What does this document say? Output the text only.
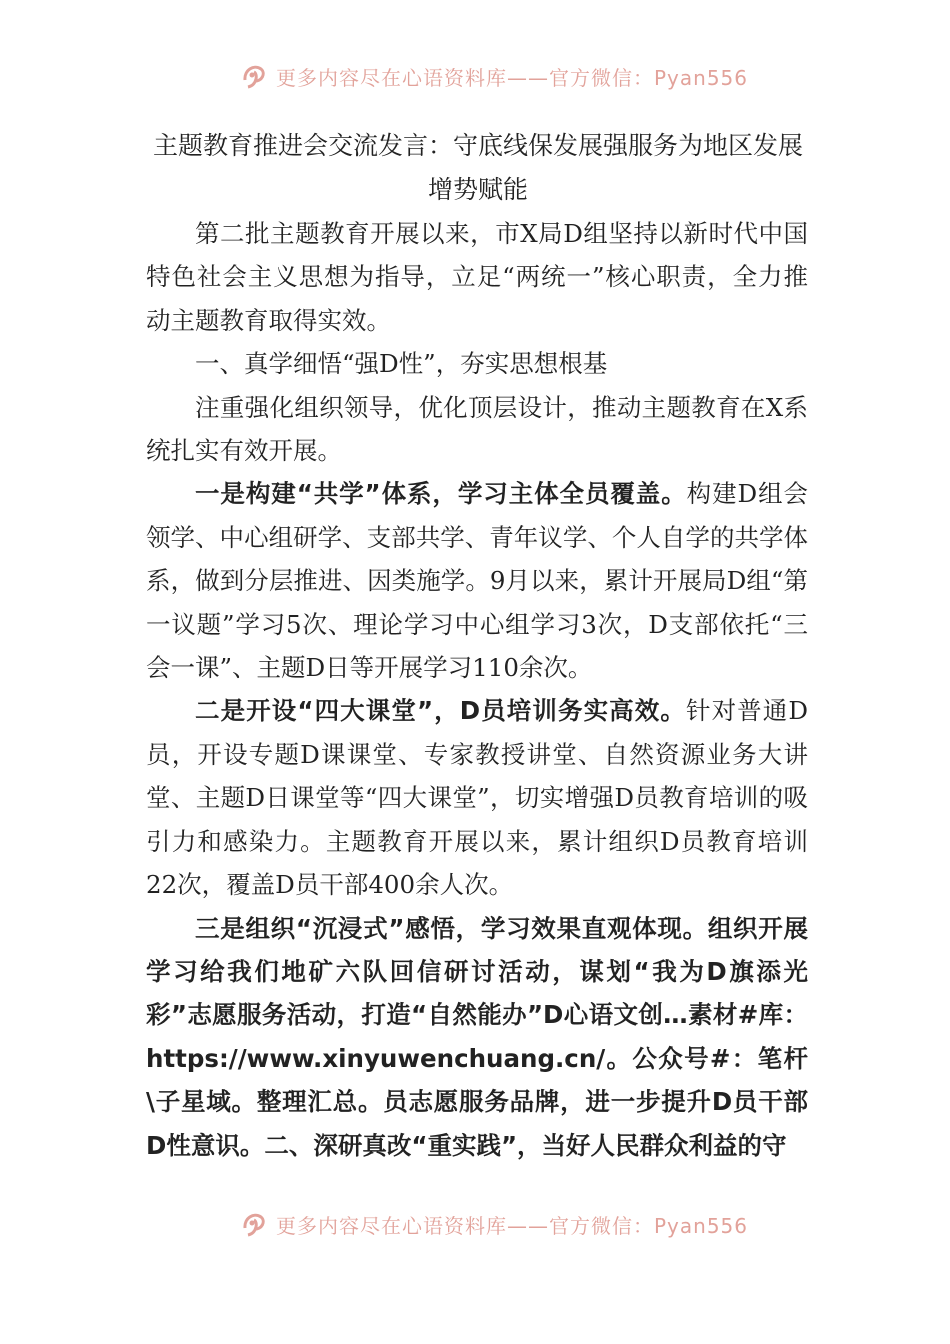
更多内容尽在心语资料库——官方微信：Pyan556
主题教育推进会交流发言：守底线保发展强服务为地区发展增势赋能

第二批主题教育开展以来，市X局D组坚持以新时代中国特色社会主义思想为指导，立足“两统一”核心职责，全力推动主题教育取得实效。

一、真学细悟“强D性”，夯实思想根基

注重强化组织领导，优化顶层设计，推动主题教育在X系统扎实有效开展。

一是构建“共学”体系，学习主体全员覆盖。构建D组会领学、中心组研学、支部共学、青年议学、个人自学的共学体系，做到分层推进、因类施学。9月以来，累计开展局D组“第一议题”学习5次、理论学习中心组学习3次，D支部依托“三会一课”、主题D日等开展学习110余次。

二是开设“四大课堂”，D员培训务实高效。针对普通D员，开设专题D课课堂、专家教授讲堂、自然资源业务大讲堂、主题D日课堂等“四大课堂”，切实增强D员教育培训的吸引力和感染力。主题教育开展以来，累计组织D员教育培训22次，覆盖D员干部400余人次。

三是组织“沉浸式”感悟，学习效果直观体现。组织开展学习给我们地矿六队回信研讨活动，谋划“我为D旗添光彩”志愿服务活动，打造“自然能办”D心语文创…素材#库：https://www.xinyuwenchuang.cn/。公众号#：笔杆\子星域。整理汇总。员志愿服务品牌，进一步提升D员干部D性意识。二、深研真改“重实践”，当好人民群众利益的守

更多内容尽在心语资料库——官方微信：Pyan556
